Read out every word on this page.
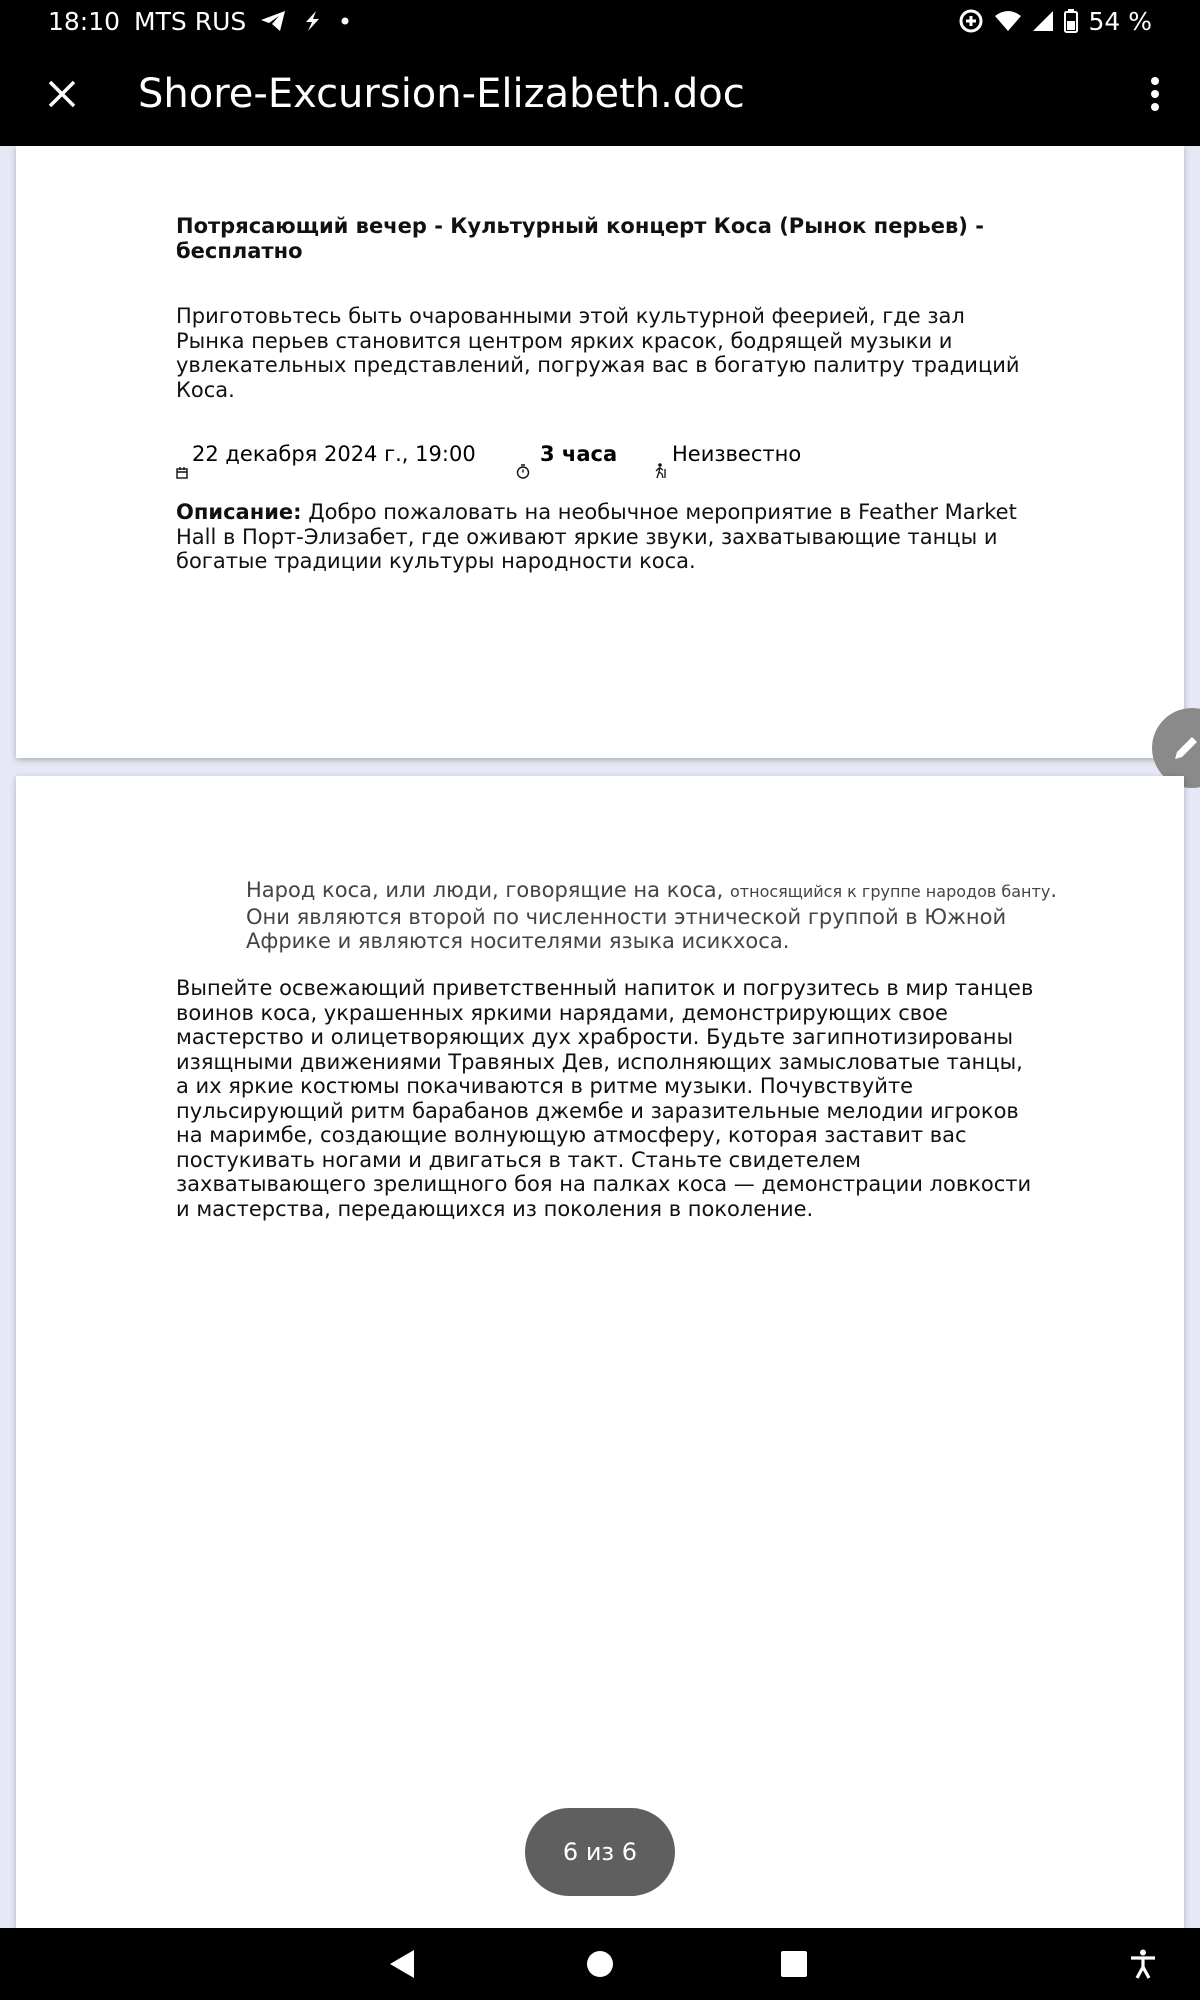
18:10 MTS RUS	54 %
Shore-Excursion-Elizabeth.doc
Потрясающий вечер - Культурный концерт Коса (Рынок перьев) - бесплатно
Приготовьтесь быть очарованными этой культурной феерией, где зал Рынка перьев становится центром ярких красок, бодрящей музыки и увлекательных представлений, погружая вас в богатую палитру традиций Коса.
22 декабря 2024 г., 19:00	3 часа	Неизвестно
Описание: Добро пожаловать на необычное мероприятие в Feather Market Hall в Порт-Элизабет, где оживают яркие звуки, захватывающие танцы и богатые традиции культуры народности коса.
Народ коса, или люди, говорящие на коса, относящийся к группе народов банту. Они являются второй по численности этнической группой в Южной Африке и являются носителями языка исикхоса.
Выпейте освежающий приветственный напиток и погрузитесь в мир танцев воинов коса, украшенных яркими нарядами, демонстрирующих свое мастерство и олицетворяющих дух храбрости. Будьте загипнотизированы изящными движениями Травяных Дев, исполняющих замысловатые танцы, а их яркие костюмы покачиваются в ритме музыки. Почувствуйте пульсирующий ритм барабанов джембе и заразительные мелодии игроков на маримбе, создающие волнующую атмосферу, которая заставит вас постукивать ногами и двигаться в такт. Станьте свидетелем захватывающего зрелищного боя на палках коса — демонстрации ловкости и мастерства, передающихся из поколения в поколение.
6 из 6
